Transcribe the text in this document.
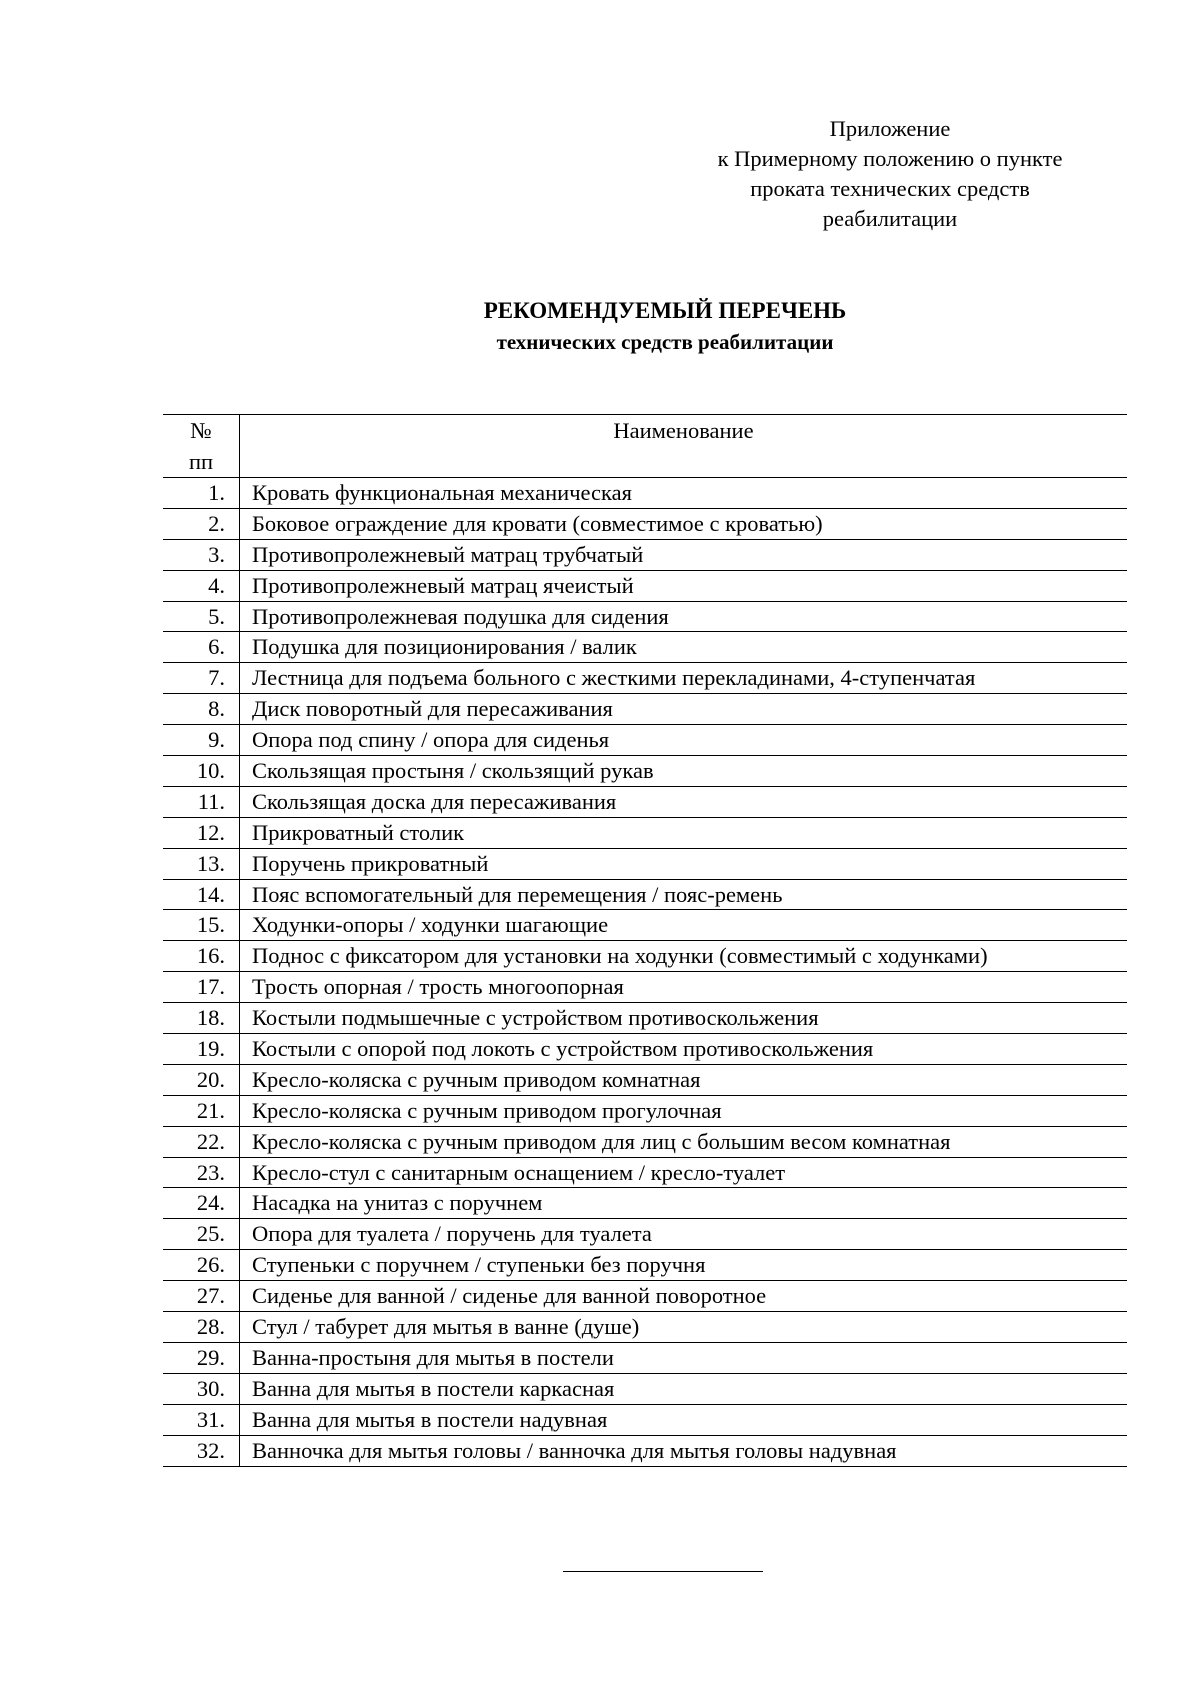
Приложение
к Примерному положению о пункте
проката технических средств
реабилитации
РЕКОМЕНДУЕМЫЙ ПЕРЕЧЕНЬ
технических средств реабилитации
№
пп	Наименование
1.	Кровать функциональная механическая
2.	Боковое ограждение для кровати (совместимое с кроватью)
3.	Противопролежневый матрац трубчатый
4.	Противопролежневый матрац ячеистый
5.	Противопролежневая подушка для сидения
6.	Подушка для позиционирования / валик
7.	Лестница для подъема больного с жесткими перекладинами, 4-ступенчатая
8.	Диск поворотный для пересаживания
9.	Опора под спину / опора для сиденья
10.	Скользящая простыня / скользящий рукав
11.	Скользящая доска для пересаживания
12.	Прикроватный столик
13.	Поручень прикроватный
14.	Пояс вспомогательный для перемещения / пояс-ремень
15.	Ходунки-опоры / ходунки шагающие
16.	Поднос с фиксатором для установки на ходунки (совместимый с ходунками)
17.	Трость опорная / трость многоопорная
18.	Костыли подмышечные с устройством противоскольжения
19.	Костыли с опорой под локоть с устройством противоскольжения
20.	Кресло-коляска с ручным приводом комнатная
21.	Кресло-коляска с ручным приводом прогулочная
22.	Кресло-коляска с ручным приводом для лиц с большим весом комнатная
23.	Кресло-стул с санитарным оснащением / кресло-туалет
24.	Насадка на унитаз с поручнем
25.	Опора для туалета / поручень для туалета
26.	Ступеньки с поручнем / ступеньки без поручня
27.	Сиденье для ванной / сиденье для ванной поворотное
28.	Стул / табурет для мытья в ванне (душе)
29.	Ванна-простыня для мытья в постели
30.	Ванна для мытья в постели каркасная
31.	Ванна для мытья в постели надувная
32.	Ванночка для мытья головы / ванночка для мытья головы надувная
